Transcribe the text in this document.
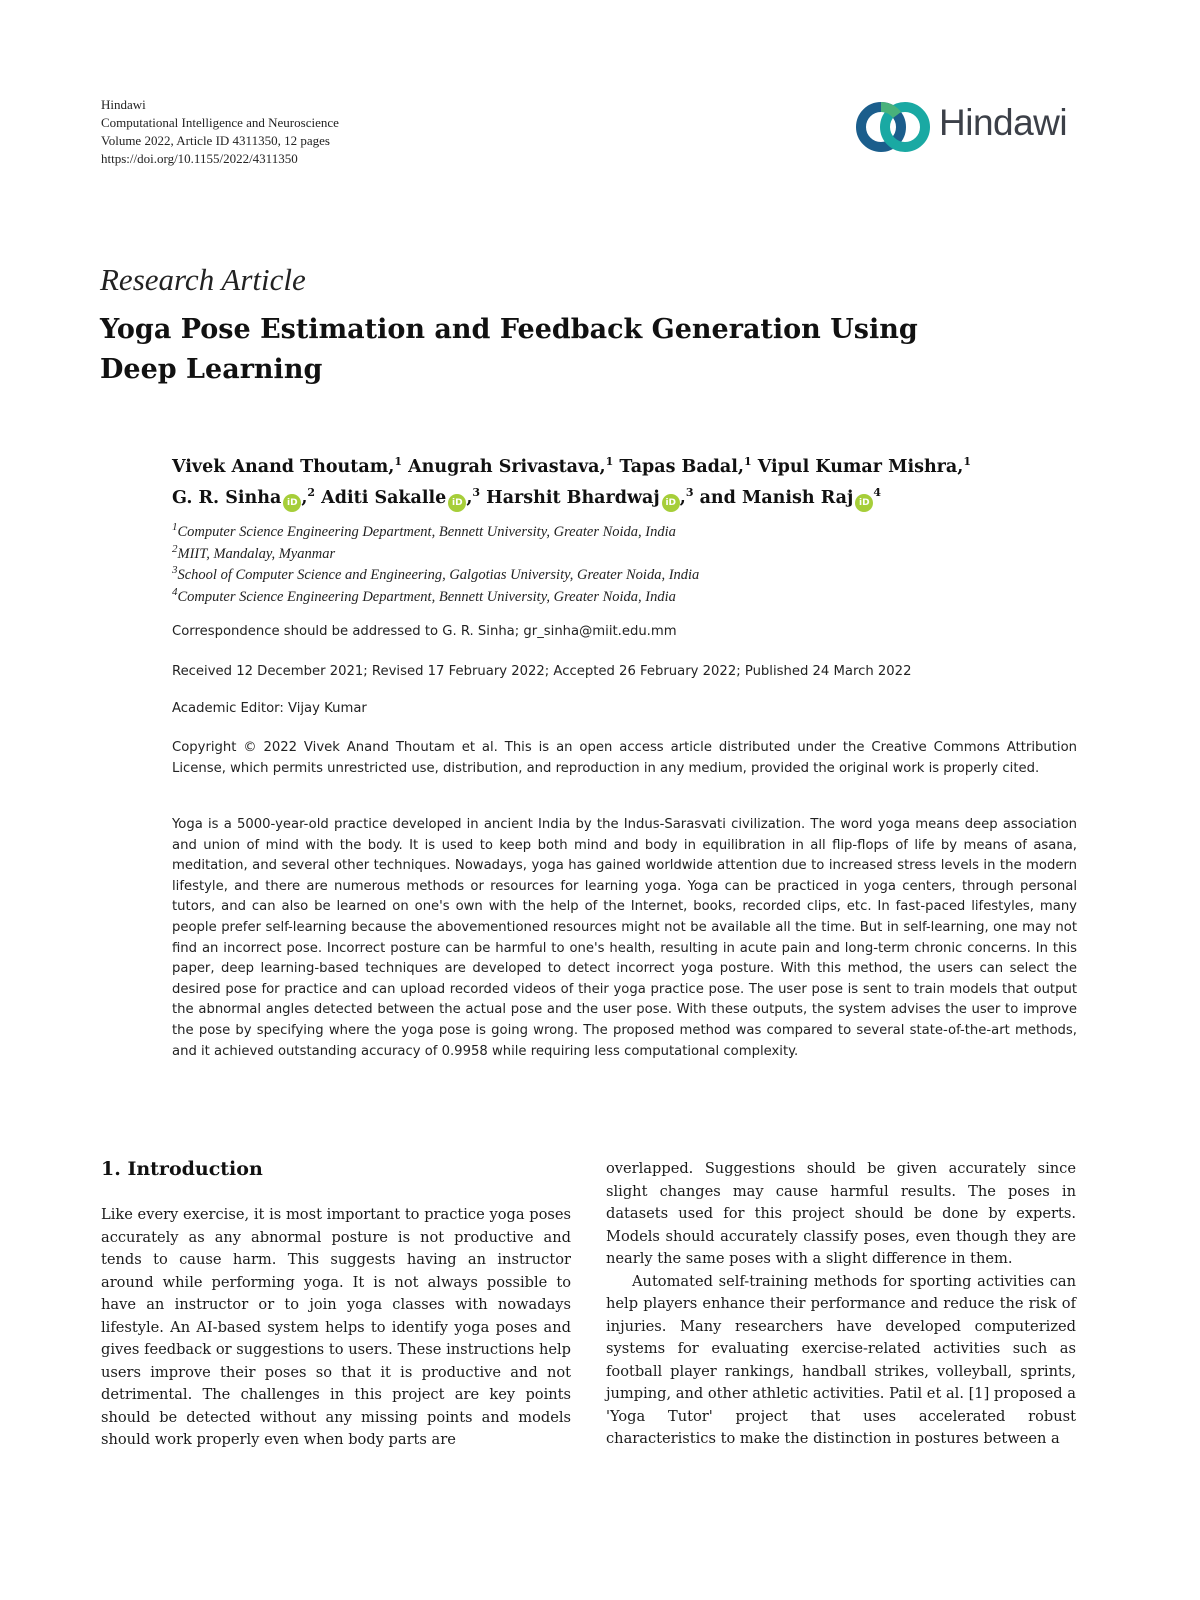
Hindawi
Computational Intelligence and Neuroscience
Volume 2022, Article ID 4311350, 12 pages
https://doi.org/10.1155/2022/4311350
Hindawi
Research Article
Yoga Pose Estimation and Feedback Generation Using Deep Learning
Vivek Anand Thoutam,$^1$ Anugrah Srivastava,$^1$ Tapas Badal,$^1$ Vipul Kumar Mishra,$^1$
G. R. Sinha iD ,$^2$ Aditi Sakalle iD ,$^3$ Harshit Bhardwaj iD ,$^3$ and Manish Raj $iD^4$
$^1$Computer Science Engineering Department, Bennett University, Greater Noida, India
$^2$MIIT, Mandalay, Myanmar
$^3$School of Computer Science and Engineering, Galgotias University, Greater Noida, India
$^4$Computer Science Engineering Department, Bennett University, Greater Noida, India
Correspondence should be addressed to G. R. Sinha; gr_sinha@miit.edu.mm
Received 12 December 2021; Revised 17 February 2022; Accepted 26 February 2022; Published 24 March 2022
Academic Editor: Vijay Kumar
Copyright © 2022 Vivek Anand Thoutam et al. This is an open access article distributed under the Creative Commons Attribution License, which permits unrestricted use, distribution, and reproduction in any medium, provided the original work is properly cited.
Yoga is a 5000-year-old practice developed in ancient India by the Indus-Sarasvati civilization. The word yoga means deep association and union of mind with the body. It is used to keep both mind and body in equilibration in all flip-flops of life by means of asana, meditation, and several other techniques. Nowadays, yoga has gained worldwide attention due to increased stress levels in the modern lifestyle, and there are numerous methods or resources for learning yoga. Yoga can be practiced in yoga centers, through personal tutors, and can also be learned on one's own with the help of the Internet, books, recorded clips, etc. In fast-paced lifestyles, many people prefer self-learning because the abovementioned resources might not be available all the time. But in self-learning, one may not find an incorrect pose. Incorrect posture can be harmful to one's health, resulting in acute pain and long-term chronic concerns. In this paper, deep learning-based techniques are developed to detect incorrect yoga posture. With this method, the users can select the desired pose for practice and can upload recorded videos of their yoga practice pose. The user pose is sent to train models that output the abnormal angles detected between the actual pose and the user pose. With these outputs, the system advises the user to improve the pose by specifying where the yoga pose is going wrong. The proposed method was compared to several state-of-the-art methods, and it achieved outstanding accuracy of 0.9958 while requiring less computational complexity.
1. Introduction

Like every exercise, it is most important to practice yoga poses accurately as any abnormal posture is not productive and tends to cause harm. This suggests having an instructor around while performing yoga. It is not always possible to have an instructor or to join yoga classes with nowadays lifestyle. An AI-based system helps to identify yoga poses and gives feedback or suggestions to users. These instructions help users improve their poses so that it is productive and not detrimental. The challenges in this project are key points should be detected without any missing points and models should work properly even when body parts are

overlapped. Suggestions should be given accurately since slight changes may cause harmful results. The poses in datasets used for this project should be done by experts. Models should accurately classify poses, even though they are nearly the same poses with a slight difference in them.

Automated self-training methods for sporting activities can help players enhance their performance and reduce the risk of injuries. Many researchers have developed computerized systems for evaluating exercise-related activities such as football player rankings, handball strikes, volleyball, sprints, jumping, and other athletic activities. Patil et al. [1] proposed a 'Yoga Tutor' project that uses accelerated robust characteristics to make the distinction in postures between a
